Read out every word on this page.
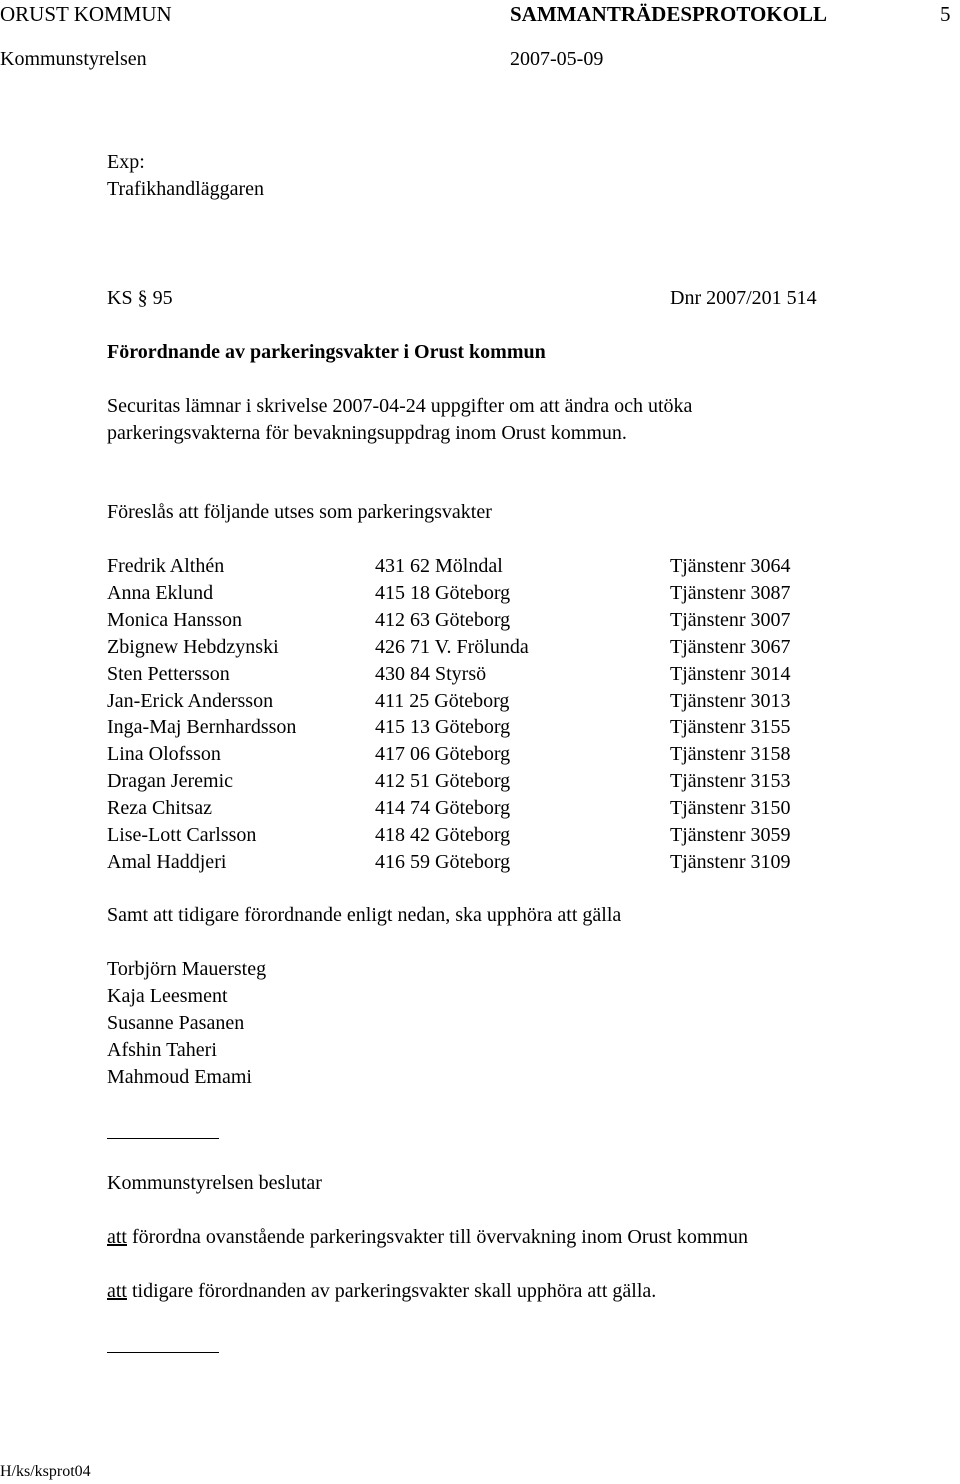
ORUST KOMMUN	SAMMANTRÄDESPROTOKOLL	5
Kommunstyrelsen	2007-05-09
Exp:
Trafikhandläggaren
KS § 95	Dnr 2007/201 514
Förordnande av parkeringsvakter i Orust kommun
Securitas lämnar i skrivelse 2007-04-24 uppgifter om att ändra och utöka
parkeringsvakterna för bevakningsuppdrag inom Orust kommun.
Föreslås att följande utses som parkeringsvakter
Fredrik Althén	431 62 Mölndal	Tjänstenr 3064
Anna Eklund	415 18 Göteborg	Tjänstenr 3087
Monica Hansson	412 63 Göteborg	Tjänstenr 3007
Zbignew Hebdzynski	426 71 V. Frölunda	Tjänstenr 3067
Sten Pettersson	430 84 Styrsö	Tjänstenr 3014
Jan-Erick Andersson	411 25 Göteborg	Tjänstenr 3013
Inga-Maj Bernhardsson	415 13 Göteborg	Tjänstenr 3155
Lina Olofsson	417 06 Göteborg	Tjänstenr 3158
Dragan Jeremic	412 51 Göteborg	Tjänstenr 3153
Reza Chitsaz	414 74 Göteborg	Tjänstenr 3150
Lise-Lott Carlsson	418 42 Göteborg	Tjänstenr 3059
Amal Haddjeri	416 59 Göteborg	Tjänstenr 3109
Samt att tidigare förordnande enligt nedan, ska upphöra att gälla
Torbjörn Mauersteg
Kaja Leesment
Susanne Pasanen
Afshin Taheri
Mahmoud Emami
Kommunstyrelsen beslutar
att förordna ovanstående parkeringsvakter till övervakning inom Orust kommun
att tidigare förordnanden av parkeringsvakter skall upphöra att gälla.
H/ks/ksprot04
